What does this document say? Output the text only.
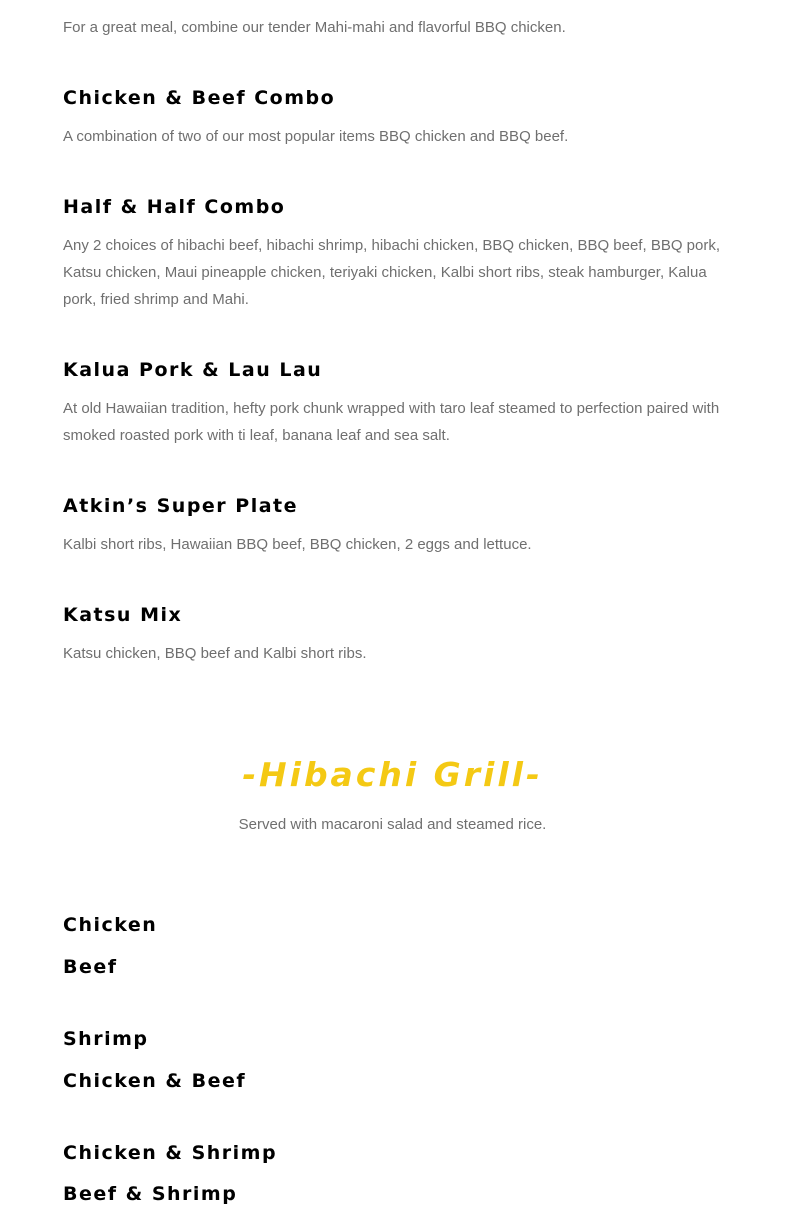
For a great meal, combine our tender Mahi-mahi and flavorful BBQ chicken.

Chicken & Beef Combo

A combination of two of our most popular items BBQ chicken and BBQ beef.

Half & Half Combo

Any 2 choices of hibachi beef, hibachi shrimp, hibachi chicken, BBQ chicken, BBQ beef, BBQ pork, Katsu chicken, Maui pineapple chicken, teriyaki chicken, Kalbi short ribs, steak hamburger, Kalua pork, fried shrimp and Mahi.

Kalua Pork & Lau Lau

At old Hawaiian tradition, hefty pork chunk wrapped with taro leaf steamed to perfection paired with smoked roasted pork with ti leaf, banana leaf and sea salt.

Atkin’s Super Plate

Kalbi short ribs, Hawaiian BBQ beef, BBQ chicken, 2 eggs and lettuce.

Katsu Mix

Katsu chicken, BBQ beef and Kalbi short ribs.

-Hibachi Grill-

Served with macaroni salad and steamed rice.

Chicken
Beef
Shrimp
Chicken & Beef
Chicken & Shrimp
Beef & Shrimp
